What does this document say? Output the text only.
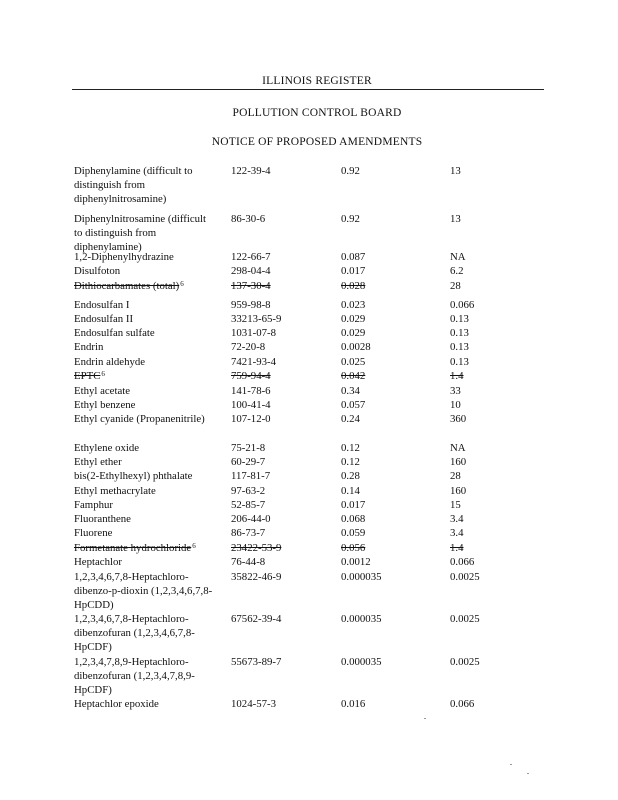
ILLINOIS REGISTER
POLLUTION CONTROL BOARD
NOTICE OF PROPOSED AMENDMENTS
Diphenylamine (difficult to distinguish from diphenylnitrosamine)
122-39-4	0.92	13
Diphenylnitrosamine (difficult to distinguish from diphenylamine)
86-30-6	0.92	13
1,2-Diphenylhydrazine	122-66-7	0.087	NA
Disulfoton	298-04-4	0.017	6.2
Dithiocarbamates (total)$^6$	137-30-4	0.028	28
Endosulfan I	959-98-8	0.023	0.066
Endosulfan II	33213-65-9	0.029	0.13
Endosulfan sulfate	1031-07-8	0.029	0.13
Endrin	72-20-8	0.0028	0.13
Endrin aldehyde	7421-93-4	0.025	0.13
EPTC$^6$	759-94-4	0.042	1.4
Ethyl acetate	141-78-6	0.34	33
Ethyl benzene	100-41-4	0.057	10
Ethyl cyanide (Propanenitrile)	107-12-0	0.24	360
Ethylene oxide	75-21-8	0.12	NA
Ethyl ether	60-29-7	0.12	160
bis(2-Ethylhexyl) phthalate	117-81-7	0.28	28
Ethyl methacrylate	97-63-2	0.14	160
Famphur	52-85-7	0.017	15
Fluoranthene	206-44-0	0.068	3.4
Fluorene	86-73-7	0.059	3.4
Formetanate hydrochloride$^6$	23422-53-9	0.056	1.4
Heptachlor	76-44-8	0.0012	0.066
1,2,3,4,6,7,8-Heptachloro-dibenzo-p-dioxin (1,2,3,4,6,7,8-HpCDD)
35822-46-9	0.000035	0.0025
1,2,3,4,6,7,8-Heptachloro-dibenzofuran (1,2,3,4,6,7,8-HpCDF)
67562-39-4	0.000035	0.0025
1,2,3,4,7,8,9-Heptachloro-dibenzofuran (1,2,3,4,7,8,9-HpCDF)
55673-89-7	0.000035	0.0025
Heptachlor epoxide	1024-57-3	0.016	0.066
